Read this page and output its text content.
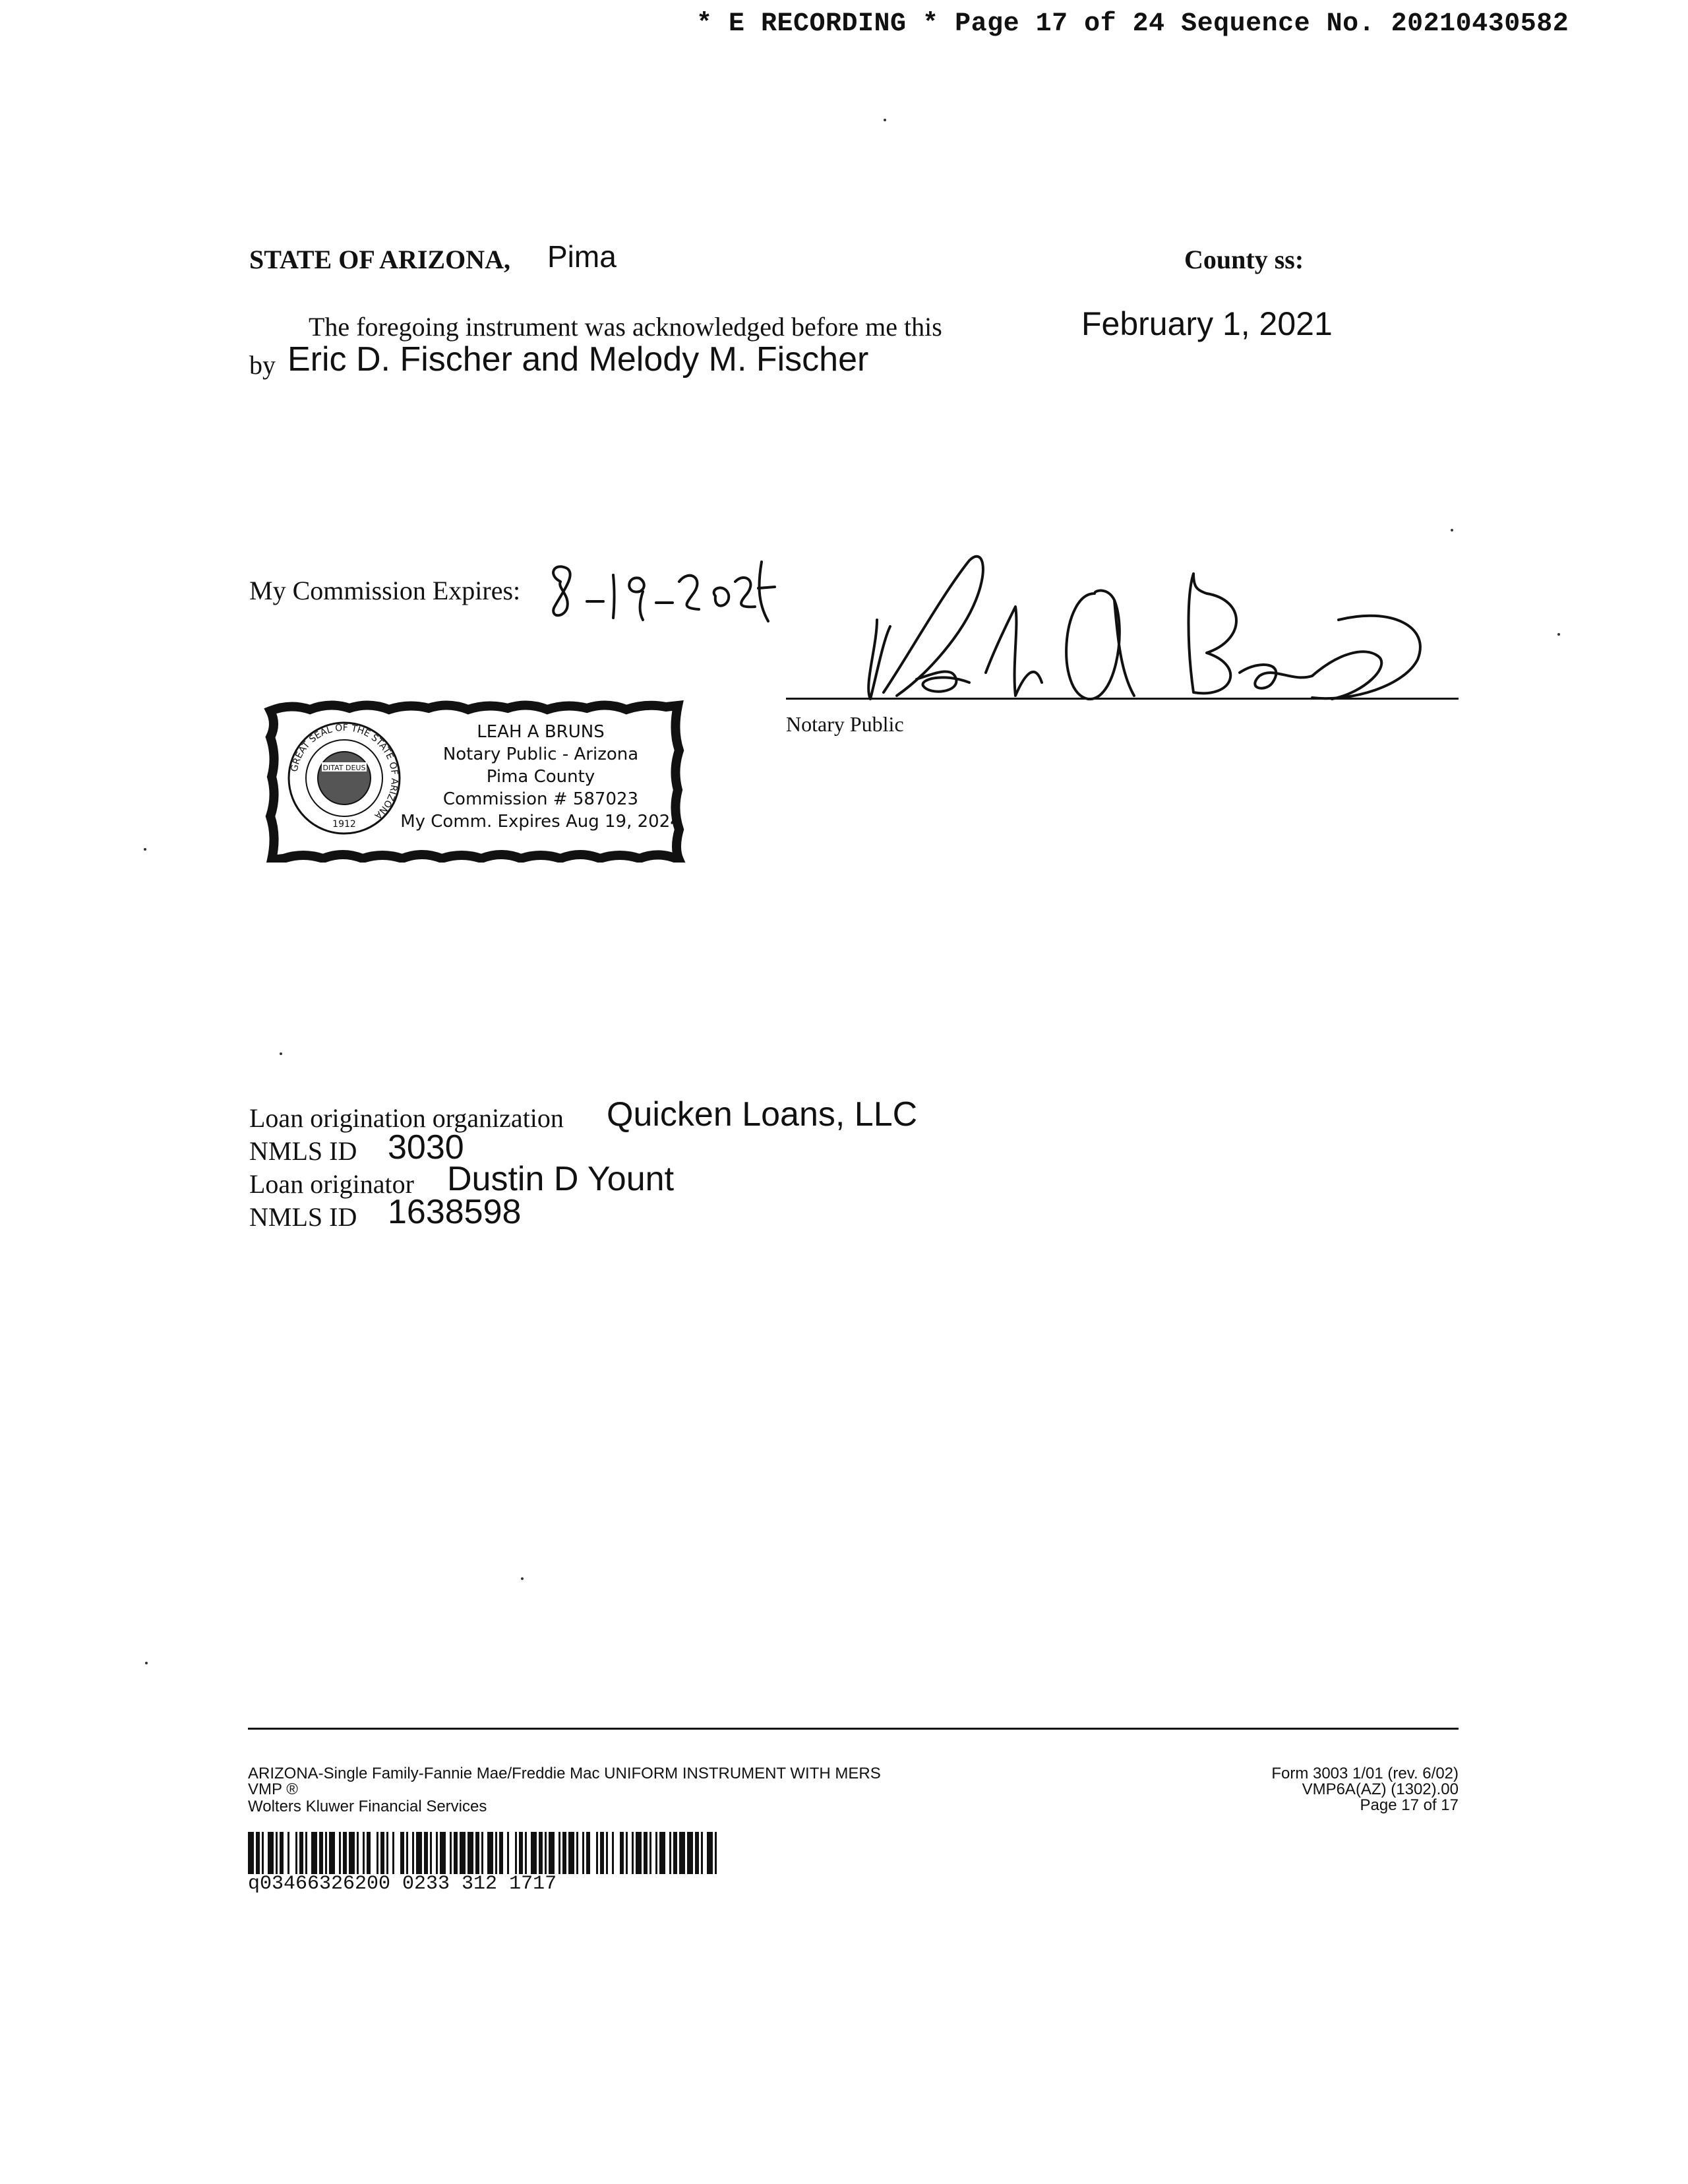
* E RECORDING * Page 17 of 24 Sequence No. 20210430582
STATE OF ARIZONA, Pima	County ss:
The foregoing instrument was acknowledged before me this	February 1, 2021
by Eric D. Fischer and Melody M. Fischer
My Commission Expires:
Notary Public
DITAT DEUS
GREAT SEAL OF THE STATE OF ARIZONA
1912
LEAH A BRUNS
Notary Public - Arizona
Pima County
Commission # 587023
My Comm. Expires Aug 19, 2024
Loan origination organization Quicken Loans, LLC
NMLS ID 3030
Loan originator Dustin D Yount
NMLS ID 1638598
ARIZONA-Single Family-Fannie Mae/Freddie Mac UNIFORM INSTRUMENT WITH MERS
VMP ®
Wolters Kluwer Financial Services
Form 3003 1/01 (rev. 6/02)
VMP6A(AZ) (1302).00
Page 17 of 17
q03466326200 0233 312 1717
